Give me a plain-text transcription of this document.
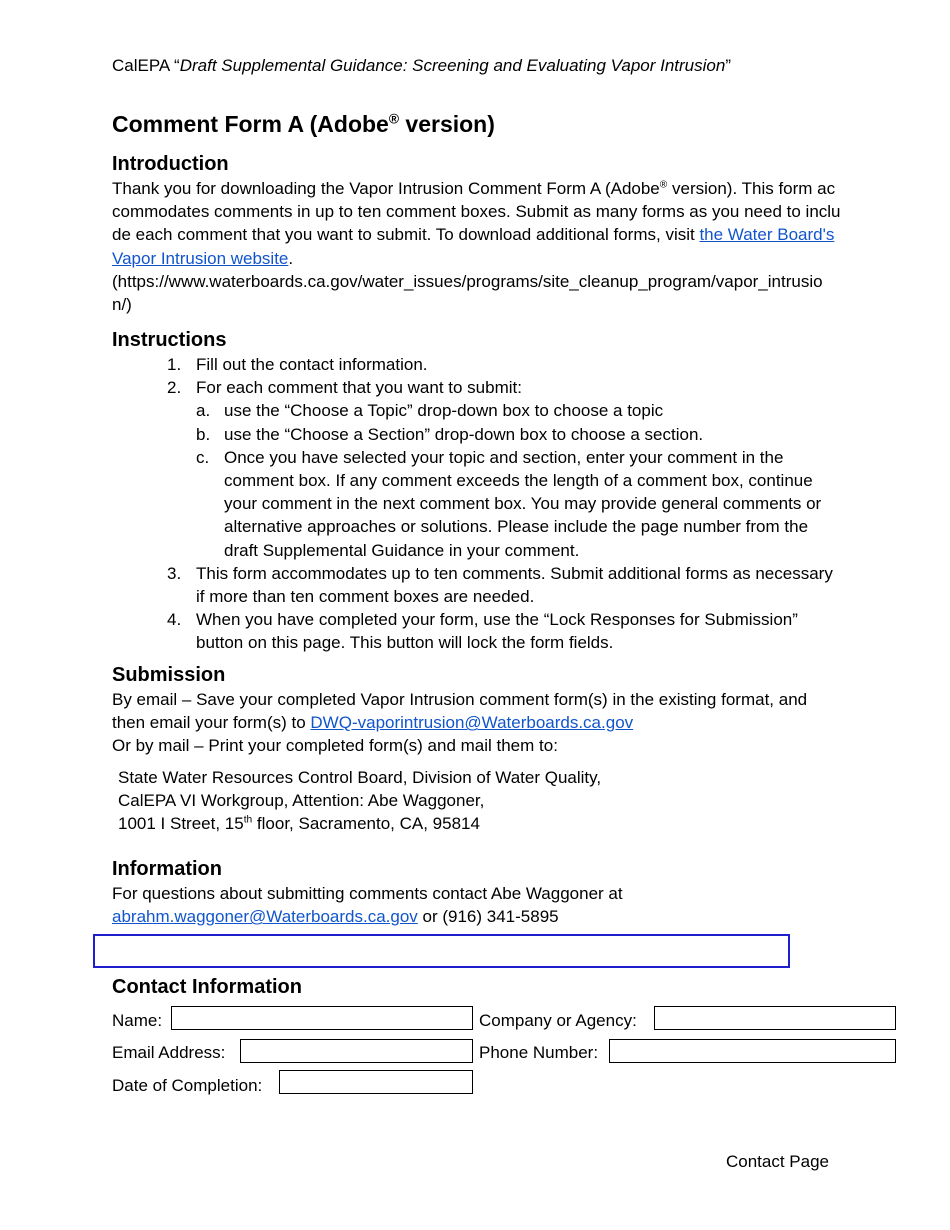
CalEPA “Draft Supplemental Guidance: Screening and Evaluating Vapor Intrusion”
Comment Form A (Adobe® version)
Introduction

Thank you for downloading the Vapor Intrusion Comment Form A (Adobe® version). This form accommodates comments in up to ten comment boxes. Submit as many forms as you need to include each comment that you want to submit. To download additional forms, visit the Water Board's Vapor Intrusion website.
(https://www.waterboards.ca.gov/water_issues/programs/site_cleanup_program/vapor_intrusion/)

Instructions
1. Fill out the contact information.
2. For each comment that you want to submit:
a. use the “Choose a Topic” drop-down box to choose a topic
b. use the “Choose a Section” drop-down box to choose a section.
c. Once you have selected your topic and section, enter your comment in the comment box. If any comment exceeds the length of a comment box, continue your comment in the next comment box. You may provide general comments or alternative approaches or solutions. Please include the page number from the draft Supplemental Guidance in your comment.
3. This form accommodates up to ten comments. Submit additional forms as necessary if more than ten comment boxes are needed.
4. When you have completed your form, use the “Lock Responses for Submission” button on this page. This button will lock the form fields.
Submission

By email – Save your completed Vapor Intrusion comment form(s) in the existing format, and then email your form(s) to DWQ-vaporintrusion@Waterboards.ca.gov
Or by mail – Print your completed form(s) and mail them to:

State Water Resources Control Board, Division of Water Quality,
CalEPA VI Workgroup, Attention: Abe Waggoner,
1001 I Street, 15th floor, Sacramento, CA, 95814

Information

For questions about submitting comments contact Abe Waggoner at
abrahm.waggoner@Waterboards.ca.gov or (916) 341-5895

Contact Information
Name:	Company or Agency:
Email Address:	Phone Number:
Date of Completion:
Contact Page
